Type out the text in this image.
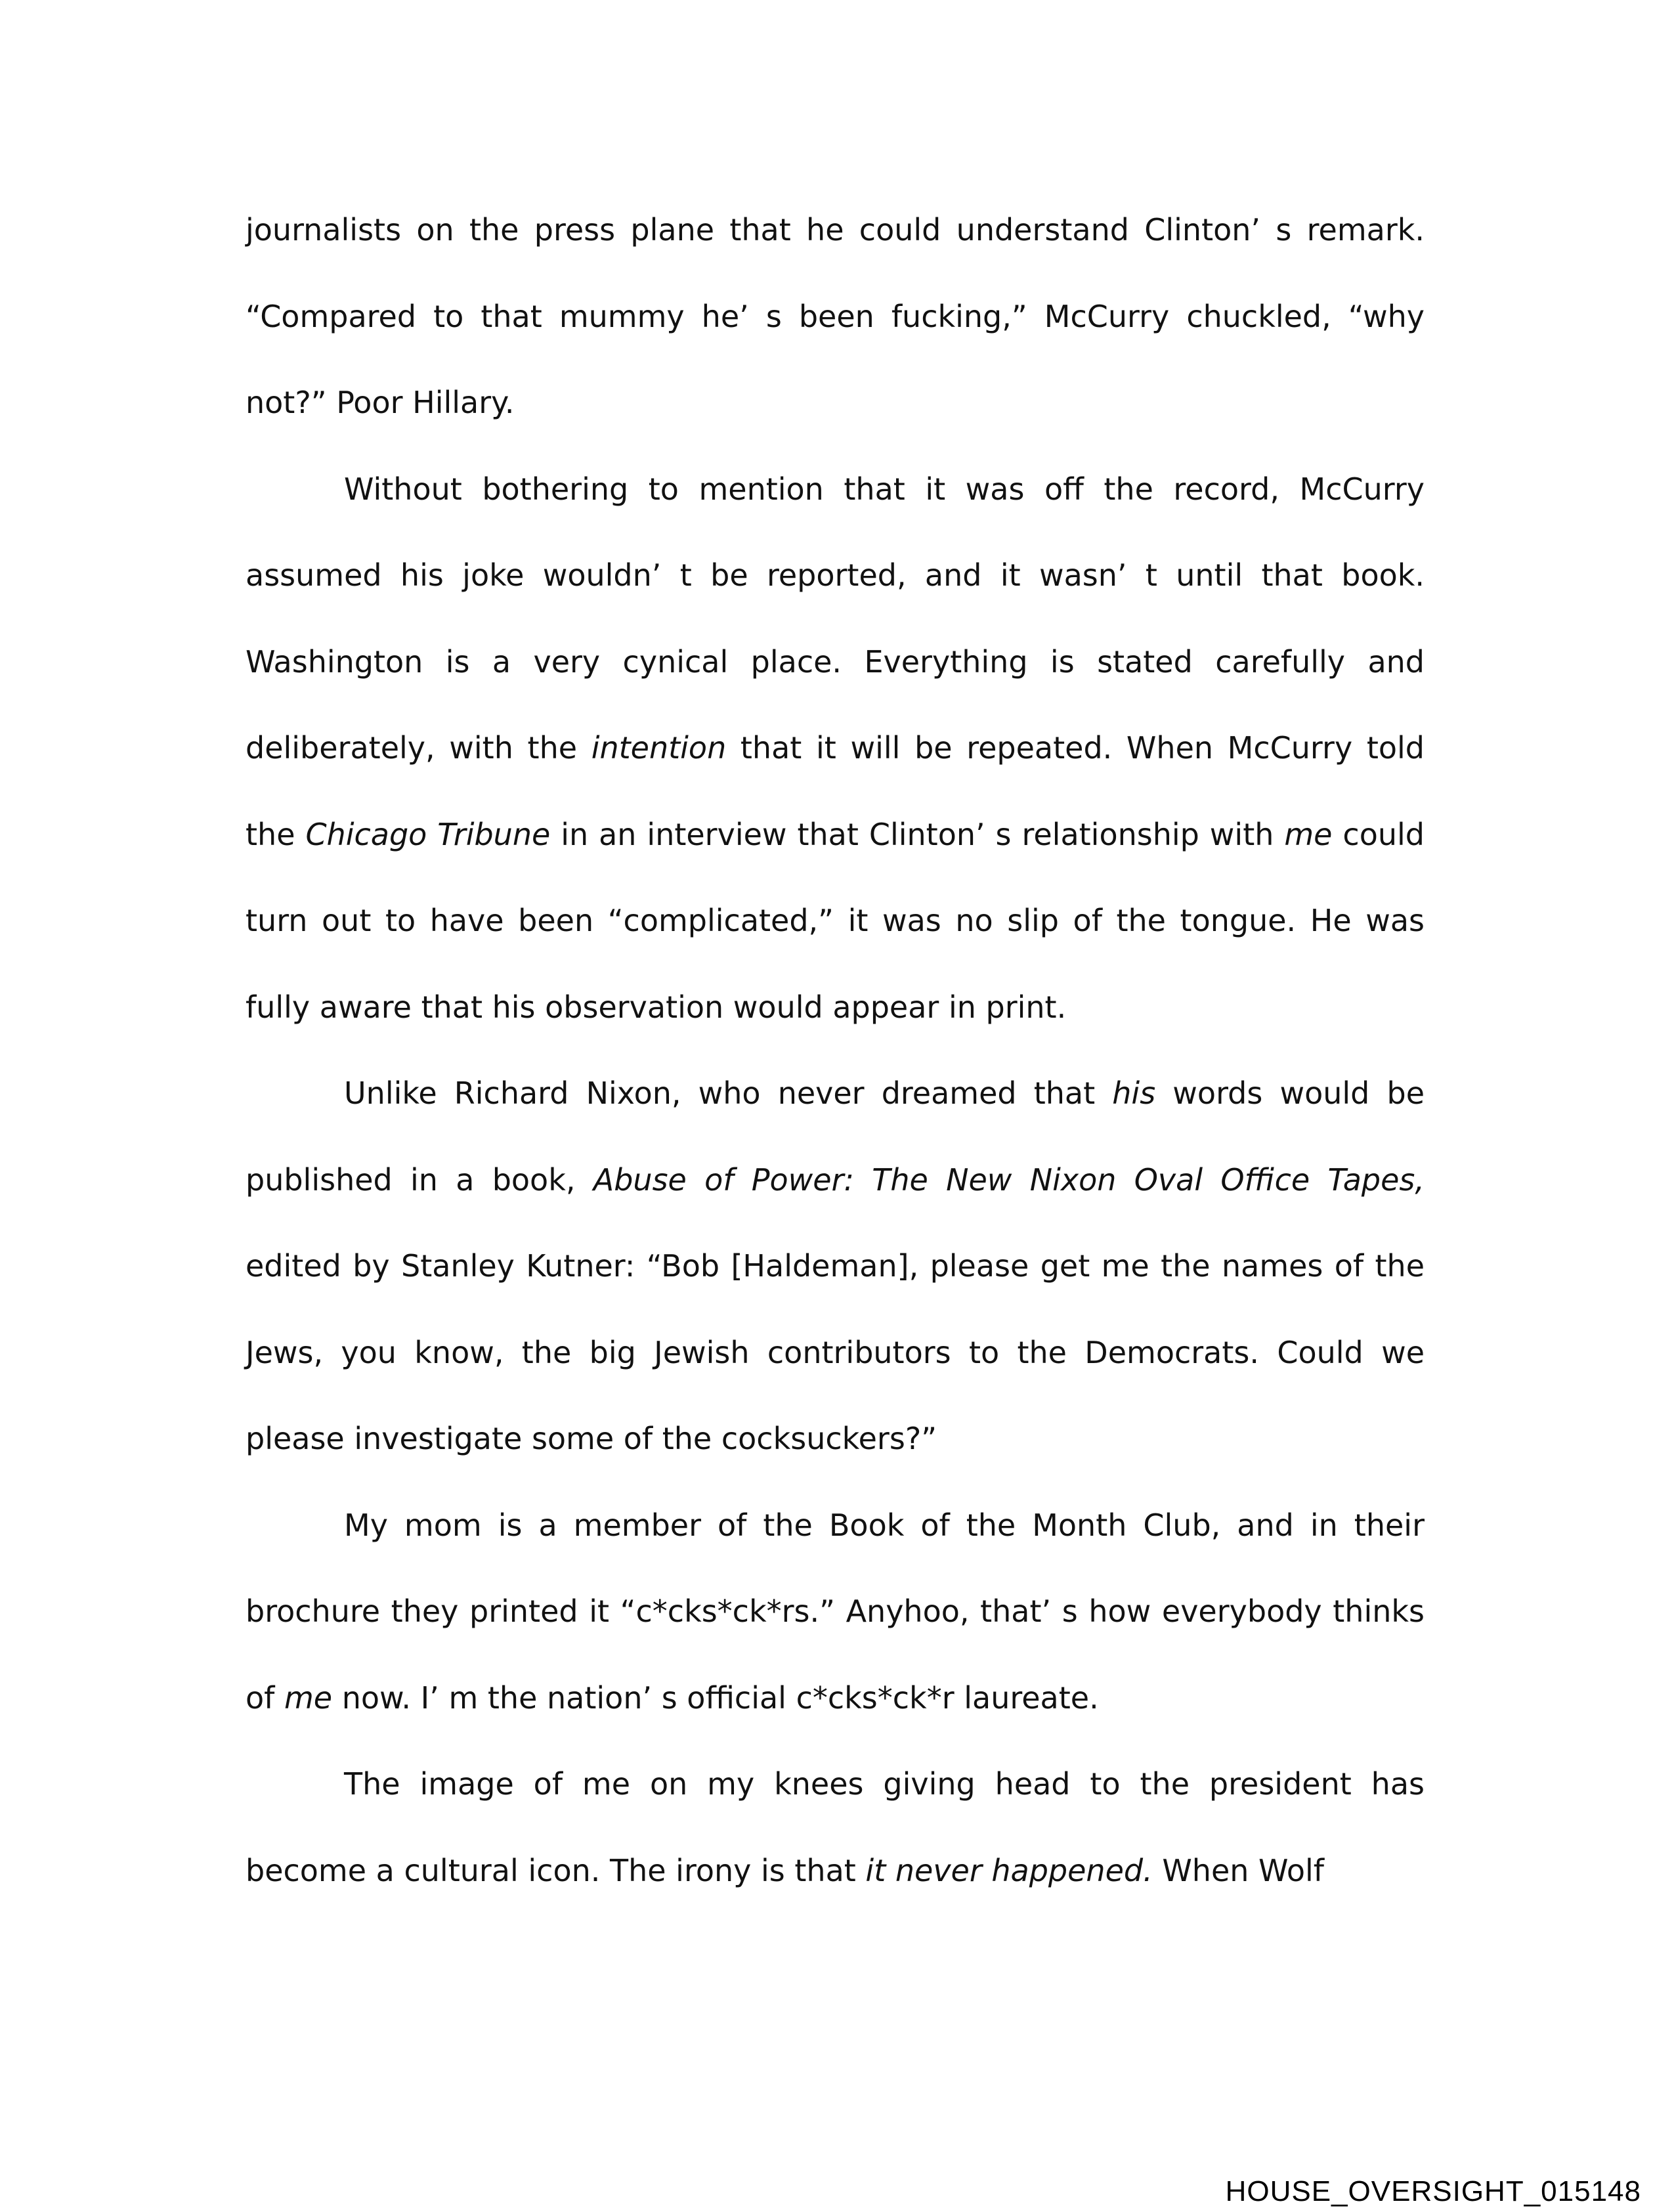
journalists on the press plane that he could understand Clinton’ s remark. “Compared to that mummy he’ s been fucking,” McCurry chuckled, “why not?” Poor Hillary.

Without bothering to mention that it was off the record, McCurry assumed his joke wouldn’ t be reported, and it wasn’ t until that book. Washington is a very cynical place. Everything is stated carefully and deliberately, with the intention that it will be repeated. When McCurry told the Chicago Tribune in an interview that Clinton’ s relationship with me could turn out to have been “complicated,” it was no slip of the tongue. He was fully aware that his observation would appear in print.

Unlike Richard Nixon, who never dreamed that his words would be published in a book, Abuse of Power: The New Nixon Oval Office Tapes, edited by Stanley Kutner: “Bob [Haldeman], please get me the names of the Jews, you know, the big Jewish contributors to the Democrats. Could we please investigate some of the cocksuckers?”

My mom is a member of the Book of the Month Club, and in their brochure they printed it “c*cks*ck*rs.” Anyhoo, that’ s how everybody thinks of me now. I’ m the nation’ s official c*cks*ck*r laureate.

The image of me on my knees giving head to the president has become a cultural icon. The irony is that it never happened. When Wolf

HOUSE_OVERSIGHT_015148
